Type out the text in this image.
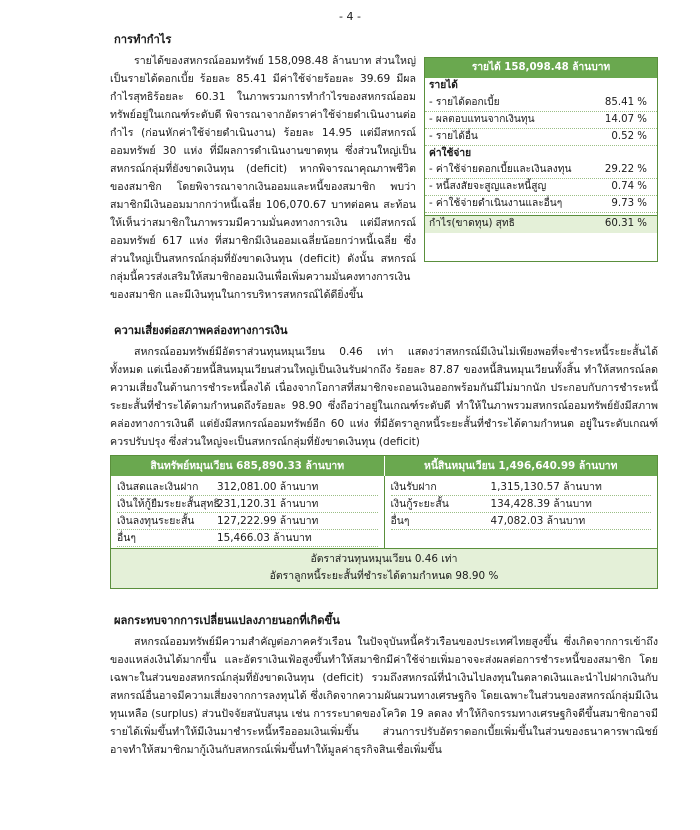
- 4 -
การทำกำไร

รายได้ของสหกรณ์ออมทรัพย์ 158,098.48 ล้านบาท ส่วนใหญ่เป็นรายได้ดอกเบี้ย ร้อยละ 85.41 มีค่าใช้จ่ายร้อยละ 39.69 มีผลกำไรสุทธิร้อยละ 60.31 ในภาพรวมการทำกำไรของสหกรณ์ออมทรัพย์อยู่ในเกณฑ์ระดับดี พิจารณาจากอัตราค่าใช้จ่ายดำเนินงานต่อกำไร (ก่อนหักค่าใช้จ่ายดำเนินงาน) ร้อยละ 14.95 แต่มีสหกรณ์ออมทรัพย์ 30 แห่ง ที่มีผลการดำเนินงานขาดทุน ซึ่งส่วนใหญ่เป็นสหกรณ์กลุ่มที่ยังขาดเงินทุน (deficit) หากพิจารณาคุณภาพชีวิตของสมาชิก โดยพิจารณาจากเงินออมและหนี้ของสมาชิก พบว่า สมาชิกมีเงินออมมากกว่าหนี้เฉลี่ย 106,070.67 บาทต่อคน สะท้อนให้เห็นว่าสมาชิกในภาพรวมมีความมั่นคงทางการเงิน แต่มีสหกรณ์ออมทรัพย์ 617 แห่ง ที่สมาชิกมีเงินออมเฉลี่ยน้อยกว่าหนี้เฉลี่ย ซึ่งส่วนใหญ่เป็นสหกรณ์กลุ่มที่ยังขาดเงินทุน (deficit) ดังนั้น สหกรณ์กลุ่มนี้ควรส่งเสริมให้สมาชิกออมเงินเพื่อเพิ่มความมั่นคงทางการเงินของสมาชิก และมีเงินทุนในการบริหารสหกรณ์ได้ดียิ่งขึ้น

รายได้ 158,098.48 ล้านบาท
รายได้
- รายได้ดอกเบี้ย	85.41 %
- ผลตอบแทนจากเงินทุน	14.07 %
- รายได้อื่น	0.52 %
ค่าใช้จ่าย
- ค่าใช้จ่ายดอกเบี้ยและเงินลงทุน	29.22 %
- หนี้สงสัยจะสูญและหนี้สูญ	0.74 %
- ค่าใช้จ่ายดำเนินงานและอื่นๆ	9.73 %
กำไร(ขาดทุน) สุทธิ	60.31 %
ความเสี่ยงต่อสภาพคล่องทางการเงิน

สหกรณ์ออมทรัพย์มีอัตราส่วนทุนหมุนเวียน 0.46 เท่า แสดงว่าสหกรณ์มีเงินไม่เพียงพอที่จะชำระหนี้ระยะสั้นได้ทั้งหมด แต่เนื่องด้วยหนี้สินหมุนเวียนส่วนใหญ่เป็นเงินรับฝากถึง ร้อยละ 87.87 ของหนี้สินหมุนเวียนทั้งสิ้น ทำให้สหกรณ์ลดความเสี่ยงในด้านการชำระหนี้ลงได้ เนื่องจากโอกาสที่สมาชิกจะถอนเงินออกพร้อมกันมีไม่มากนัก ประกอบกับการชำระหนี้ระยะสั้นที่ชำระได้ตามกำหนดถึงร้อยละ 98.90 ซึ่งถือว่าอยู่ในเกณฑ์ระดับดี ทำให้ในภาพรวมสหกรณ์ออมทรัพย์ยังมีสภาพคล่องทางการเงินดี แต่ยังมีสหกรณ์ออมทรัพย์อีก 60 แห่ง ที่มีอัตราลูกหนี้ระยะสั้นที่ชำระได้ตามกำหนด อยู่ในระดับเกณฑ์ควรปรับปรุง ซึ่งส่วนใหญ่จะเป็นสหกรณ์กลุ่มที่ยังขาดเงินทุน (deficit)

สินทรัพย์หมุนเวียน 685,890.33 ล้านบาท	หนี้สินหมุนเวียน 1,496,640.99 ล้านบาท
เงินสดและเงินฝาก	312,081.00 ล้านบาท
เงินให้กู้ยืมระยะสั้นสุทธิ
231,120.31 ล้านบาท
เงินลงทุนระยะสั้น	127,222.99 ล้านบาท
อื่นๆ	15,466.03 ล้านบาท
เงินรับฝาก	1,315,130.57 ล้านบาท
เงินกู้ระยะสั้น	134,428.39 ล้านบาท
อื่นๆ	47,082.03 ล้านบาท
อัตราส่วนทุนหมุนเวียน 0.46 เท่า
อัตราลูกหนี้ระยะสั้นที่ชำระได้ตามกำหนด 98.90 %
ผลกระทบจากการเปลี่ยนแปลงภายนอกที่เกิดขึ้น

สหกรณ์ออมทรัพย์มีความสำคัญต่อภาคครัวเรือน ในปัจจุบันหนี้ครัวเรือนของประเทศไทยสูงขึ้น ซึ่งเกิดจากการเข้าถึงของแหล่งเงินได้มากขึ้น และอัตราเงินเฟ้อสูงขึ้นทำให้สมาชิกมีค่าใช้จ่ายเพิ่มอาจจะส่งผลต่อการชำระหนี้ของสมาชิก โดยเฉพาะในส่วนของสหกรณ์กลุ่มที่ยังขาดเงินทุน (deficit) รวมถึงสหกรณ์ที่นำเงินไปลงทุนในตลาดเงินและนำไปฝากเงินกับสหกรณ์อื่นอาจมีความเสี่ยงจากการลงทุนได้ ซึ่งเกิดจากความผันผวนทางเศรษฐกิจ โดยเฉพาะในส่วนของสหกรณ์กลุ่มมีเงินทุนเหลือ (surplus) ส่วนปัจจัยสนับสนุน เช่น การระบาดของโควิด 19 ลดลง ทำให้กิจกรรมทางเศรษฐกิจดีขึ้นสมาชิกอาจมีรายได้เพิ่มขึ้นทำให้มีเงินมาชำระหนี้หรือออมเงินเพิ่มขึ้น ส่วนการปรับอัตราดอกเบี้ยเพิ่มขึ้นในส่วนของธนาคารพาณิชย์ อาจทำให้สมาชิกมากู้เงินกับสหกรณ์เพิ่มขึ้นทำให้มูลค่าธุรกิจสินเชื่อเพิ่มขึ้น
